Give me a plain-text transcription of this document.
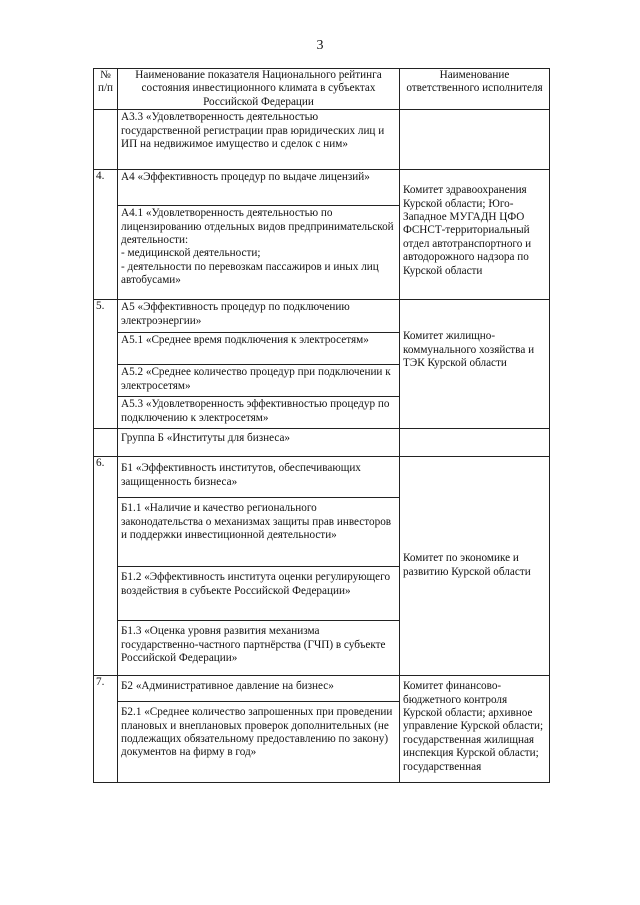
3
№ п/п	Наименование показателя Национального рейтинга состояния инвестиционного климата в субъектах Российской Федерации	Наименование ответственного исполнителя

	А3.3 «Удовлетворенность деятельностью государственной регистрации прав юридических лиц и ИП на недвижимое имущество и сделок с ним»	

4.	А4 «Эффективность процедур по выдаче лицензий»
А4.1 «Удовлетворенность деятельностью по лицензированию отдельных видов предпринимательской деятельности:
- медицинской деятельности;
- деятельности по перевозкам пассажиров и иных лиц автобусами»	Комитет здравоохранения Курской области; Юго-Западное МУГАДН ЦФО ФСНСТ-территориальный отдел автотранспортного и автодорожного надзора по Курской области

5.	А5 «Эффективность процедур по подключению электроэнергии»
А5.1 «Среднее время подключения к электросетям»
А5.2 «Среднее количество процедур при подключении к электросетям»
А5.3 «Удовлетворенность эффективностью процедур по подключению к электросетям»	Комитет жилищно-коммунального хозяйства и ТЭК Курской области

	Группа Б «Институты для бизнеса»	

6.	Б1 «Эффективность институтов, обеспечивающих защищенность бизнеса»
Б1.1 «Наличие и качество регионального законодательства о механизмах защиты прав инвесторов и поддержки инвестиционной деятельности»
Б1.2 «Эффективность института оценки регулирующего воздействия в субъекте Российской Федерации»
Б1.3 «Оценка уровня развития механизма государственно-частного партнёрства (ГЧП) в субъекте Российской Федерации»	Комитет по экономике и развитию Курской области

7.	Б2 «Административное давление на бизнес»
Б2.1 «Среднее количество запрошенных при проведении плановых и внеплановых проверок дополнительных (не подлежащих обязательному предоставлению по закону) документов на фирму в год»	Комитет финансово-бюджетного контроля Курской области; архивное управление Курской области; государственная жилищная инспекция Курской области; государственная
